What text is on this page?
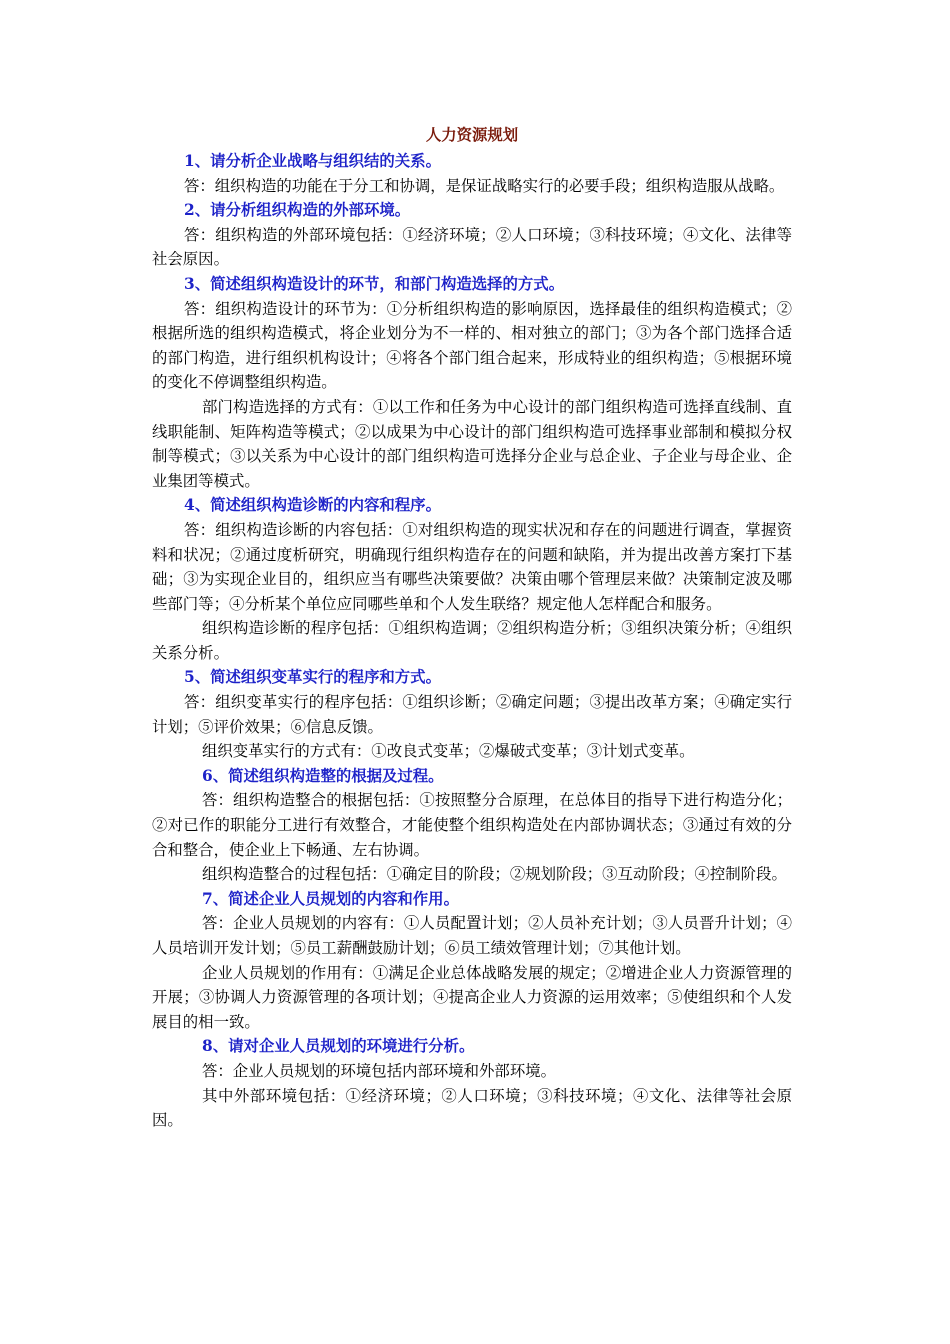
人力资源规划

1、请分析企业战略与组织结的关系。

答：组织构造的功能在于分工和协调，是保证战略实行的必要手段；组织构造服从战略。

2、请分析组织构造的外部环境。

答：组织构造的外部环境包括：①经济环境；②人口环境；③科技环境；④文化、法律等社会原因。

3、简述组织构造设计的环节，和部门构造选择的方式。

答：组织构造设计的环节为：①分析组织构造的影响原因，选择最佳的组织构造模式；②根据所选的组织构造模式，将企业划分为不一样的、相对独立的部门；③为各个部门选择合适的部门构造，进行组织机构设计；④将各个部门组合起来，形成特业的组织构造；⑤根据环境的变化不停调整组织构造。

部门构造选择的方式有：①以工作和任务为中心设计的部门组织构造可选择直线制、直线职能制、矩阵构造等模式；②以成果为中心设计的部门组织构造可选择事业部制和模拟分权制等模式；③以关系为中心设计的部门组织构造可选择分企业与总企业、子企业与母企业、企业集团等模式。

4、简述组织构造诊断的内容和程序。

答：组织构造诊断的内容包括：①对组织构造的现实状况和存在的问题进行调查，掌握资料和状况；②通过度析研究，明确现行组织构造存在的问题和缺陷，并为提出改善方案打下基础；③为实现企业目的，组织应当有哪些决策要做？决策由哪个管理层来做？决策制定波及哪些部门等；④分析某个单位应同哪些单和个人发生联络？规定他人怎样配合和服务。

组织构造诊断的程序包括：①组织构造调；②组织构造分析；③组织决策分析；④组织关系分析。

5、简述组织变革实行的程序和方式。

答：组织变革实行的程序包括：①组织诊断；②确定问题；③提出改革方案；④确定实行计划；⑤评价效果；⑥信息反馈。

组织变革实行的方式有：①改良式变革；②爆破式变革；③计划式变革。

6、简述组织构造整的根据及过程。

答：组织构造整合的根据包括：①按照整分合原理，在总体目的指导下进行构造分化；②对已作的职能分工进行有效整合，才能使整个组织构造处在内部协调状态；③通过有效的分合和整合，使企业上下畅通、左右协调。

组织构造整合的过程包括：①确定目的阶段；②规划阶段；③互动阶段；④控制阶段。

7、简述企业人员规划的内容和作用。

答：企业人员规划的内容有：①人员配置计划；②人员补充计划；③人员晋升计划；④人员培训开发计划；⑤员工薪酬鼓励计划；⑥员工绩效管理计划；⑦其他计划。

企业人员规划的作用有：①满足企业总体战略发展的规定；②增进企业人力资源管理的开展；③协调人力资源管理的各项计划；④提高企业人力资源的运用效率；⑤使组织和个人发展目的相一致。

8、请对企业人员规划的环境进行分析。

答：企业人员规划的环境包括内部环境和外部环境。

其中外部环境包括：①经济环境；②人口环境；③科技环境；④文化、法律等社会原因。
